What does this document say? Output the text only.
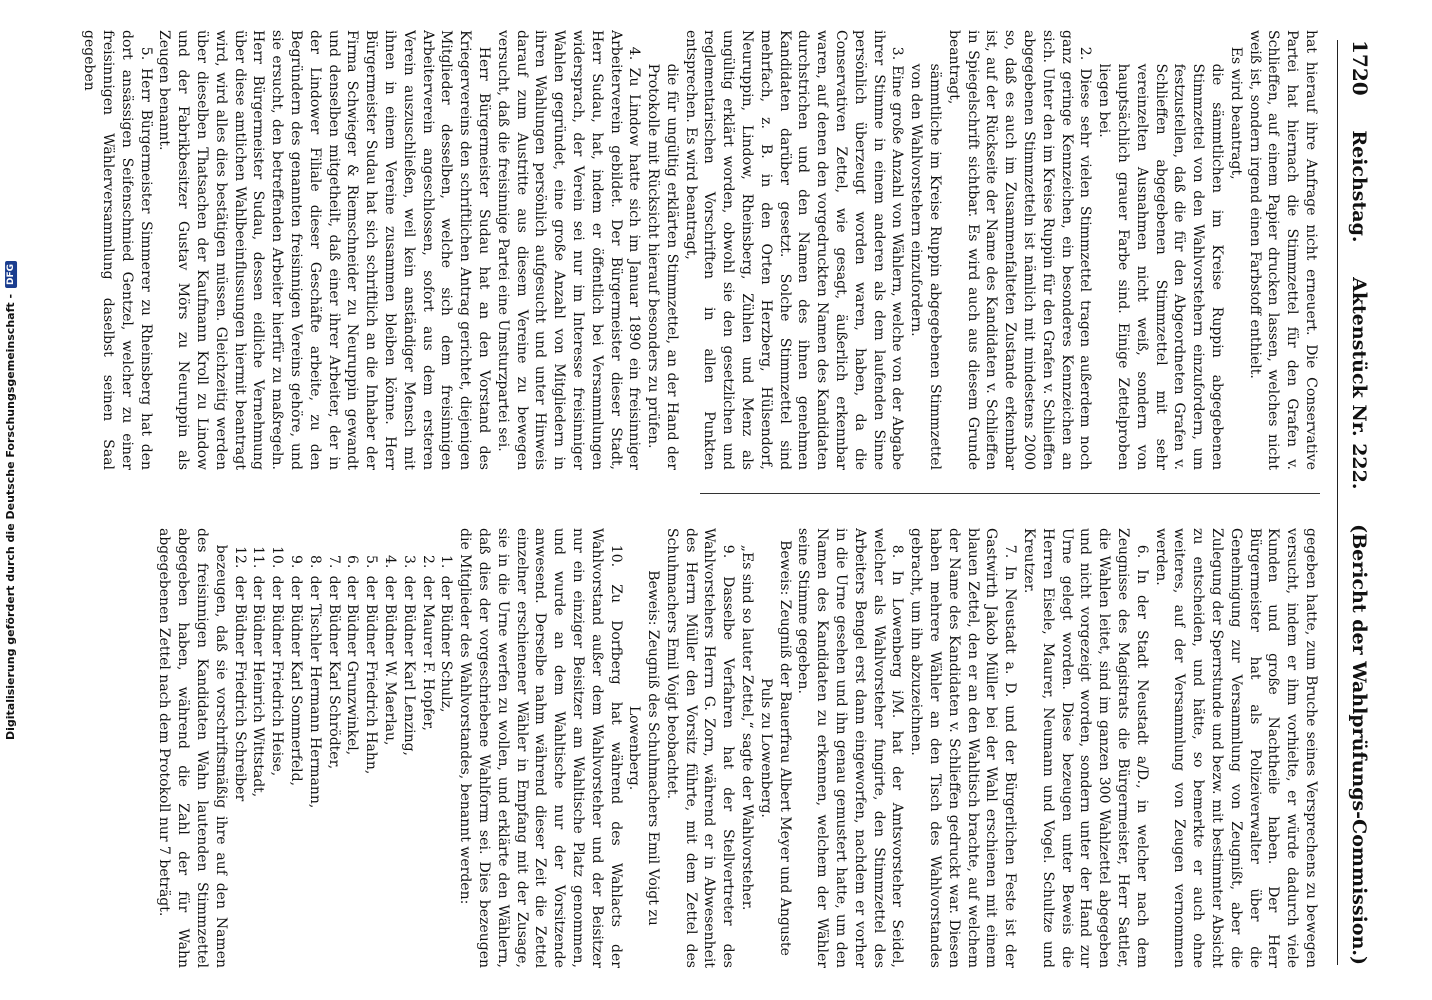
1720
Reichstag.
Aktenstück Nr. 222.
(Bericht der Wahlprüfungs-Commission.)

hat hierauf ihre Anfrage nicht erneuert. Die Conservative Partei hat hiernach die Stimmzettel für den Grafen v. Schlieffen, auf einem Papier drucken lassen, welches nicht weiß ist, sondern irgend einen Farbstoff enthielt.

Es wird beantragt,

die sämmtlichen im Kreise Ruppin abgegebenen Stimmzettel von den Wahlvorstehern einzufordern, um festzustellen, daß die für den Abgeordneten Grafen v. Schlieffen abgegebenen Stimmzettel mit sehr vereinzelten Ausnahmen nicht weiß, sondern von hauptsächlich grauer Farbe sind. Einige Zettelproben liegen bei.

2. Diese sehr vielen Stimmzettel tragen außerdem noch ganz geringe Kennzeichen, ein besonderes Kennzeichen an sich. Unter den im Kreise Ruppin für den Grafen v. Schlieffen abgegebenen Stimmzetteln ist nämlich mit mindestens 2000 so, daß es auch im Zusammenfalteten Zustande erkennbar ist, auf der Rückseite der Name des Kandidaten v. Schlieffen in Spiegelschrift sichtbar. Es wird auch aus diesem Grunde beantragt,

sämmtliche im Kreise Ruppin abgegebenen Stimmzettel von den Wahlvorstehern einzufordern.

3. Eine große Anzahl von Wählern, welche von der Abgabe ihrer Stimme in einem anderen als dem laufenden Sinne persönlich überzeugt worden waren, haben, da die Conservativen Zettel, wie gesagt, äußerlich erkennbar waren, auf denen den vorgedruckten Namen des Kandidaten durchstrichen und den Namen des ihnen genehmen Kandidaten darüber gesetzt. Solche Stimmzettel sind mehrfach, z. B. in den Orten Herzberg, Hülsendorf, Neuruppin, Lindow, Rheinsberg, Zühlen und Menz als ungültig erklärt worden, obwohl sie den gesetzlichen und reglementarischen Vorschriften in allen Punkten entsprechen. Es wird beantragt,

die für ungültig erklärten Stimmzettel, an der Hand der Protokolle mit Rücksicht hierauf besonders zu prüfen.

4. Zu Lindow hatte sich im Januar 1890 ein freisinniger Arbeiterverein gebildet. Der Bürgermeister dieser Stadt, Herr Sudau, hat, indem er öffentlich bei Versammlungen widersprach, der Verein sei nur im Interesse freisinniger Wahlen gegründet, eine große Anzahl von Mitgliedern in ihren Wahlungen persönlich aufgesucht und unter Hinweis darauf zum Austritte aus diesem Vereine zu bewegen versucht, daß die freisinnige Partei eine Umsturzpartei sei.

Herr Bürgermeister Sudau hat an den Vorstand des Kriegervereins den schriftlichen Antrag gerichtet, diejenigen Mitglieder desselben, welche sich dem freisinnigen Arbeiterverein angeschlossen, sofort aus dem ersteren Verein auszuschließen, weil kein anständiger Mensch mit ihnen in einem Vereine zusammen bleiben könne. Herr Bürgermeister Sudau hat sich schriftlich an die Inhaber der Firma Schwieger & Riemschneider zu Neuruppin gewandt und denselben mitgetheilt, daß einer ihrer Arbeiter, der in der Lindower Filiale dieser Geschäfte arbeite, zu den Begründern des genannten freisinnigen Vereins gehöre, und sie ersucht, den betreffenden Arbeiter hierfür zu maßregeln. Herr Bürgermeister Sudau, dessen eidliche Vernehmung über diese amtlichen Wahlbeeinflussungen hiermit beantragt wird, wird alles dies bestätigen müssen. Gleichzeitig werden über dieselben Thatsachen der Kaufmann Kroll zu Lindow und der Fabrikbesitzer Gustav Mörs zu Neuruppin als Zeugen benannt.

5. Herr Bürgermeister Simmerer zu Rheinsberg hat den dort ansässigen Seifenschmied Gentzel, welcher zu einer freisinnigen Wählerversammlung daselbst seinen Saal gegeben

gegeben hatte, zum Bruche seines Versprechens zu bewegen versucht, indem er ihm vorhielte, er würde dadurch viele Kunden und große Nachtheile haben. Der Herr Bürgermeister hat als Polizeiverwalter über die Genehmigung zur Versammlung von Zeugnißt, aber die Zulegung der Sperrstunde und bezw. mit bestimmter Absicht zu entscheiden, und hätte, so bemerkte er auch ohne weiteres, auf der Versammlung von Zeugen vernommen werden.

6. In der Stadt Neustadt a/D., in welcher nach dem Zeugnisse des Magistrats die Bürgermeister, Herr Sattler, die Wahlen leitet, sind im ganzen 300 Wahlzettel abgegeben und nicht vorgezeigt worden, sondern unter der Hand zur Urne gelegt worden. Diese bezeugen unter Beweis die Herren Eisele, Maurer, Neumann und Vogel. Schultze und Kreutzer.

7. In Neustadt a. D. und der Bürgerlichen Feste ist der Gastwirth Jakob Müller bei der Wahl erschienen mit einem blauen Zettel, den er an den Wahltisch brachte, auf welchem der Name des Kandidaten v. Schlieffen gedruckt war. Diesen haben mehrere Wähler an den Tisch des Wahlvorstandes gebracht, um ihn abzuzeichnen.

8. In Lowenberg i/M. hat der Amtsvorsteher Seidel, welcher als Wahlvorsteher fungirte, den Stimmzettel des Arbeiters Bengel erst dann eingeworfen, nachdem er vorher in die Urne gesehen und ihn genau gemustert hatte, um den Namen des Kandidaten zu erkennen, welchem der Wähler seine Stimme gegeben.

Beweis: Zeugniß der Bauerfrau Albert Meyer und Anguste Puls zu Lowenberg.

„Es sind so lauter Zettel,“ sagte der Wahlvorsteher.

9. Dasselbe Verfahren hat der Stellvertreter des Wahlvorstehers Herrn G. Zorn, während er in Abwesenheit des Herrn Müller den Vorsitz führte, mit dem Zettel des Schuhmachers Emil Voigt beobachtet.

Beweis: Zeugniß des Schuhmachers Emil Voigt zu Lowenberg.

10. Zu Dorfberg hat während des Wahlacts der Wahlvorstand außer dem Wahlvorsteher und der Beisitzer nur ein einziger Beisitzer am Wahltische Platz genommen, und wurde an dem Wahltische nur der Vorsitzende anwesend. Derselbe nahm während dieser Zeit die Zettel einzelner erschienener Wähler in Empfang mit der Zusage, sie in die Urne werfen zu wollen, und erklärte den Wählern, daß dies der vorgeschriebene Wahlform sei. Dies bezeugen die Mitglieder des Wahlvorstandes, benannt werden:

1. der Büdner Schulz,
2. der Maurer F. Hopfer,
3. der Büdner Karl Lenzing,
4. der Büdner W. Maerlau,
5. der Büdner Friedrich Hahn,
6. der Büdner Grunzwinkel,
7. der Büdner Karl Schrödter,
8. der Tischler Hermann Hermann,
9. der Büdner Karl Sommerfeld,
10. der Büdner Friedrich Heise,
11. der Büdner Heinrich Wittstadt,
12. der Büdner Friedrich Schreiber

bezeugen, daß sie vorschriftsmäßig ihre auf den Namen des freisinnigen Kandidaten Wahn lautenden Stimmzettel abgegeben haben, während die Zahl der für Wahn abgegebenen Zettel nach dem Protokoll nur 7 beträgt.

Digitalisierung gefördert durch die Deutsche Forschungsgemeinschaft -
DFG
